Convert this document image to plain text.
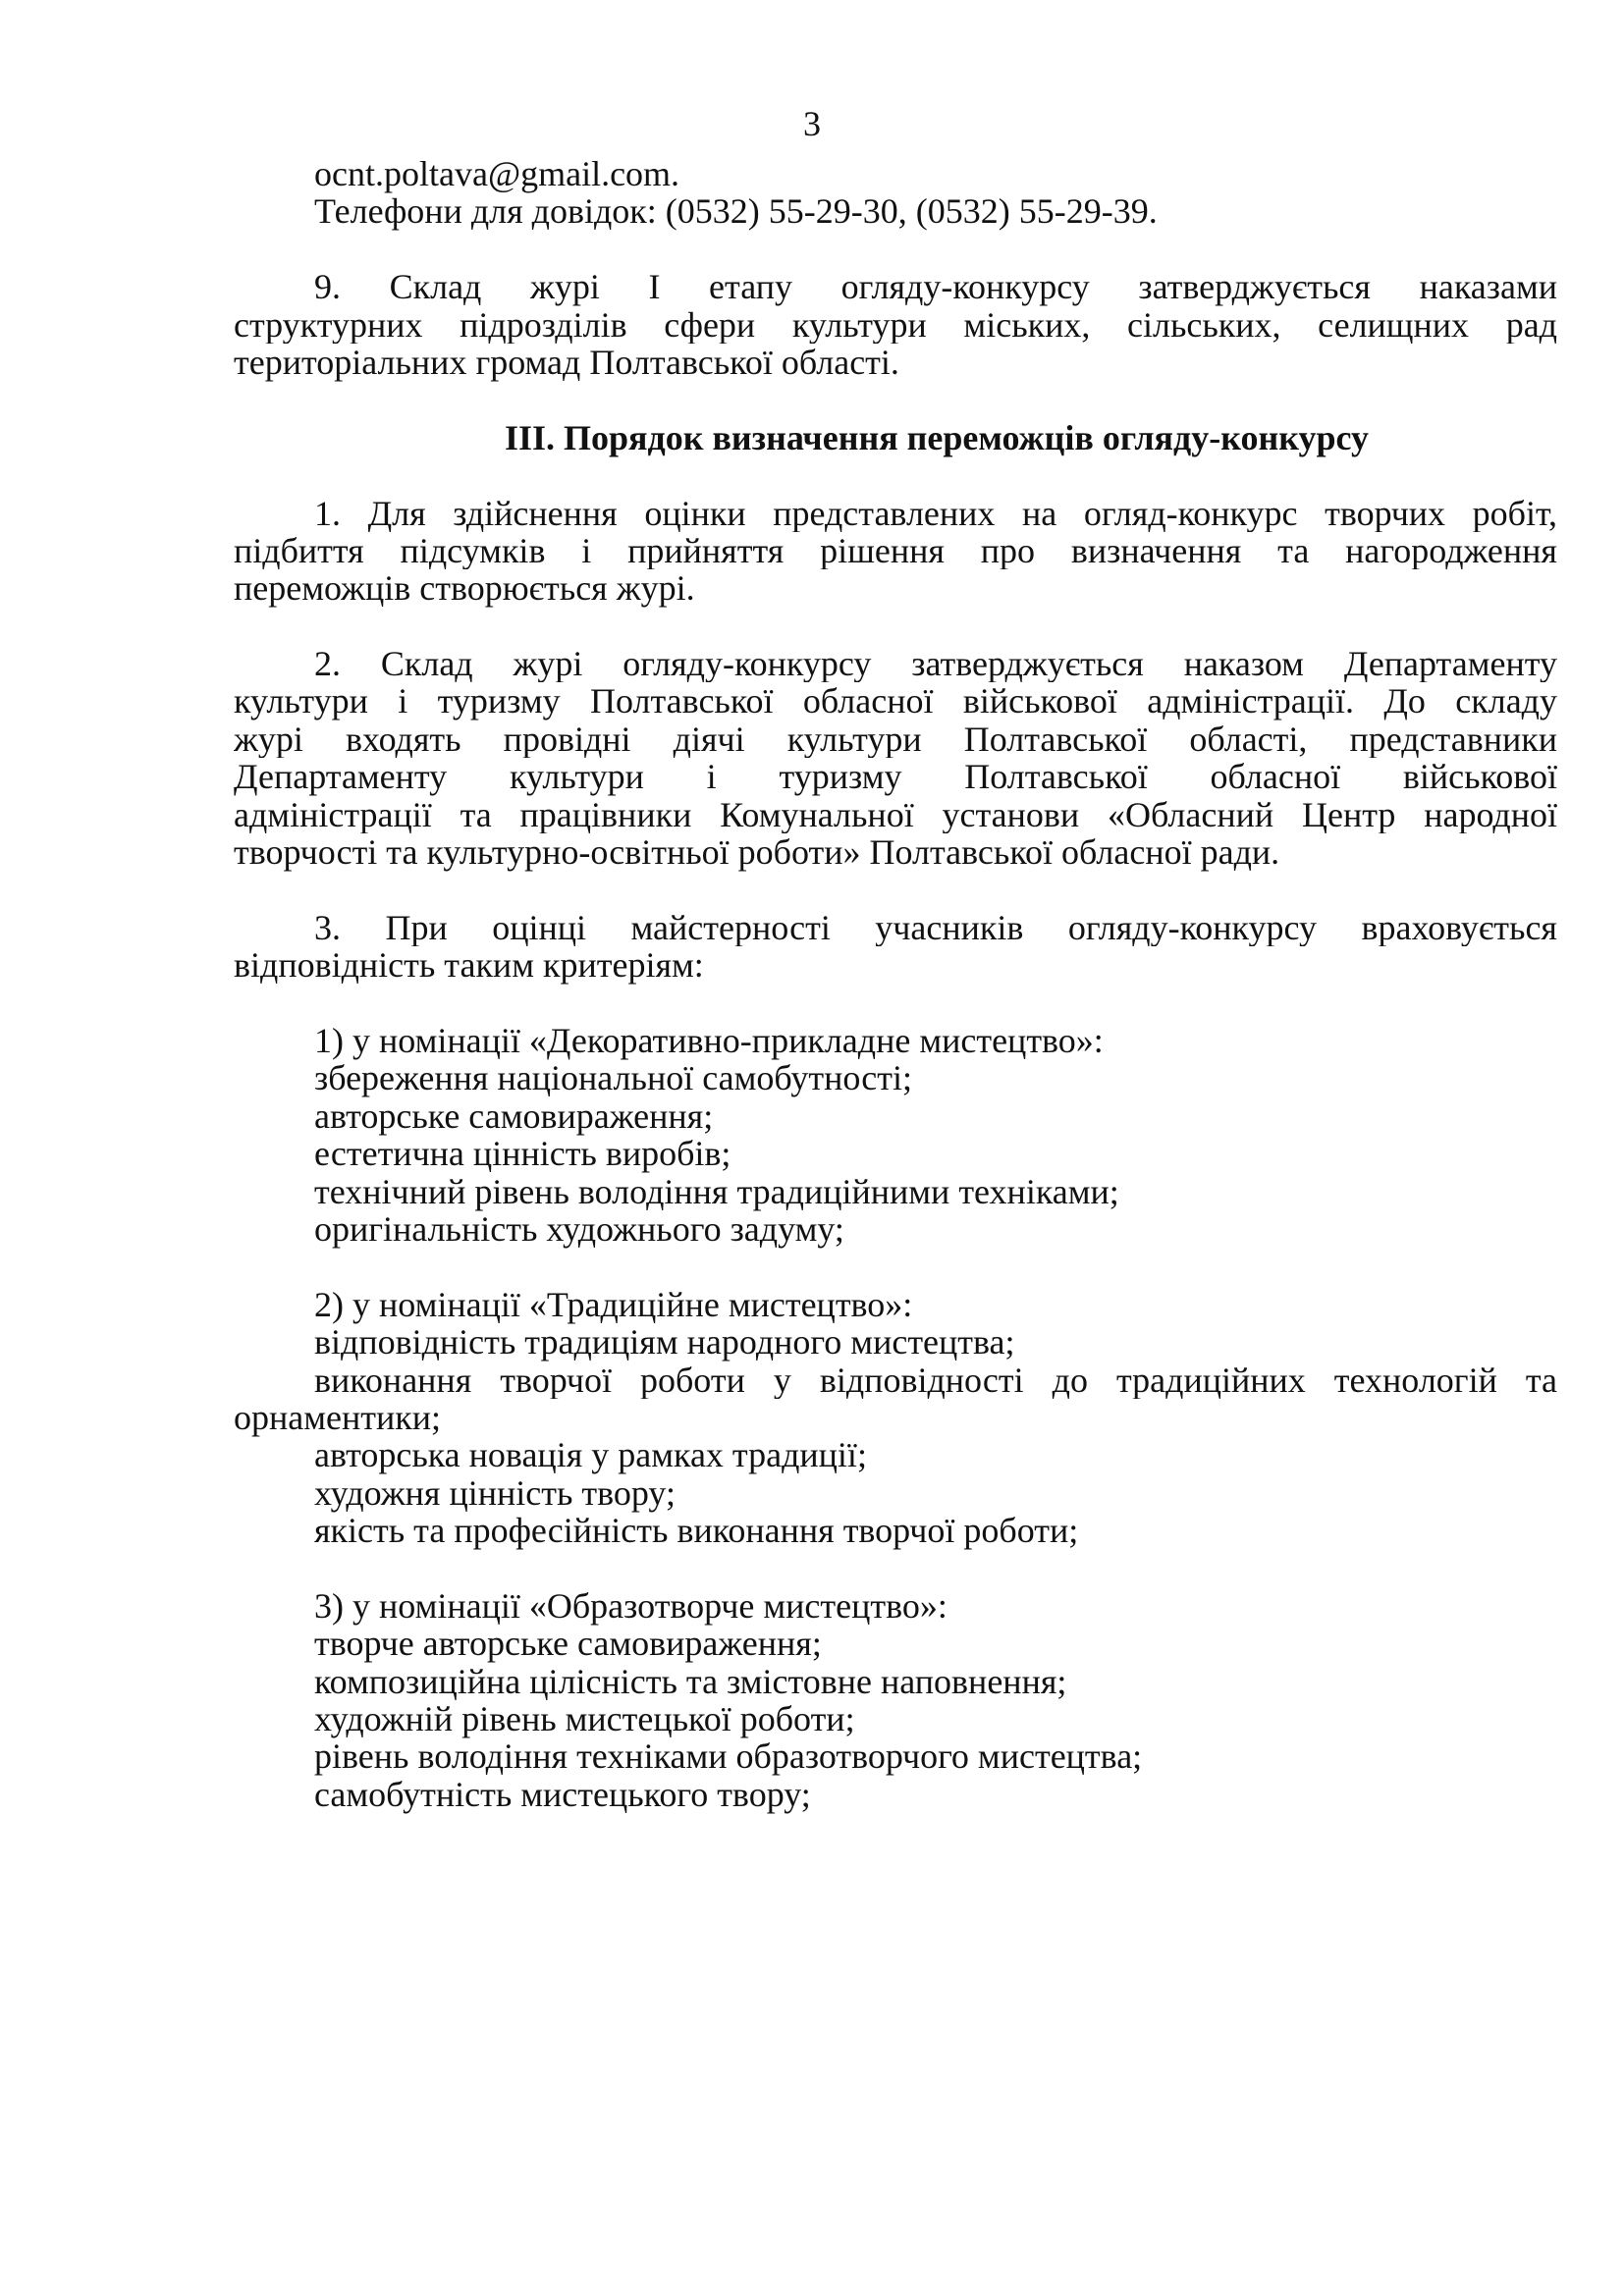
3
ocnt.poltava@gmail.com.
Телефони для довідок: (0532) 55-29-30, (0532) 55-29-39.
9. Склад журі I етапу огляду-конкурсу затверджується наказами
структурних підрозділів сфери культури міських, сільських, селищних рад
територіальних громад Полтавської області.
ІІІ. Порядок визначення переможців огляду-конкурсу
1. Для здійснення оцінки представлених на огляд-конкурс творчих робіт,
підбиття підсумків і прийняття рішення про визначення та нагородження
переможців створюється журі.
2. Склад журі огляду-конкурсу затверджується наказом Департаменту
культури і туризму Полтавської обласної військової адміністрації. До складу
журі входять провідні діячі культури Полтавської області, представники
Департаменту культури і туризму Полтавської обласної військової
адміністрації та працівники Комунальної установи «Обласний Центр народної
творчості та культурно-освітньої роботи» Полтавської обласної ради.
3. При оцінці майстерності учасників огляду-конкурсу враховується
відповідність таким критеріям:
1) у номінації «Декоративно-прикладне мистецтво»:
збереження національної самобутності;
авторське самовираження;
естетична цінність виробів;
технічний рівень володіння традиційними техніками;
оригінальність художнього задуму;
2) у номінації «Традиційне мистецтво»:
відповідність традиціям народного мистецтва;
виконання творчої роботи у відповідності до традиційних технологій та
орнаментики;
авторська новація у рамках традиції;
художня цінність твору;
якість та професійність виконання творчої роботи;
3) у номінації «Образотворче мистецтво»:
творче авторське самовираження;
композиційна цілісність та змістовне наповнення;
художній рівень мистецької роботи;
рівень володіння техніками образотворчого мистецтва;
самобутність мистецького твору;
